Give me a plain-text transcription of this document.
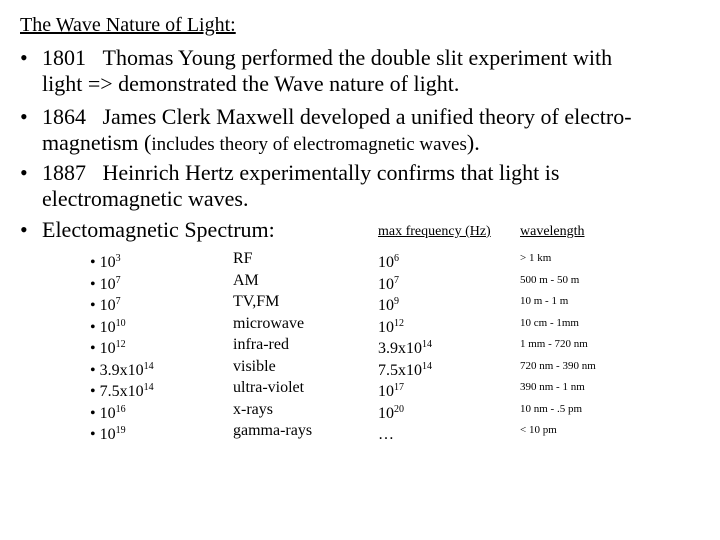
The Wave Nature of Light:
• 1801 Thomas Young performed the double slit experiment with
light => demonstrated the Wave nature of light.
• 1864 James Clerk Maxwell developed a unified theory of electro-
magnetism (includes theory of electromagnetic waves).
• 1887 Heinrich Hertz experimentally confirms that light is
electromagnetic waves.
• Electomagnetic Spectrum:	max frequency (Hz) wavelength
• $10^3$
• $10^7$
• $10^7$
• $10^{10}$
• $10^{12}$
• $3.9x10^{14}$
• $7.5x10^{14}$
• $10^{16}$
• $10^{19}$
RF
AM
TV,FM
microwave
infra-red
visible
ultra-violet
x-rays
gamma-rays
$10^6$
$10^7$
$10^9$
$10^{12}$
$3.9x10^{14}$
$7.5x10^{14}$
$10^{17}$
$10^{20}$
…
> 1 km
500 m - 50 m
10 m - 1 m
10 cm - 1mm
1 mm - 720 nm
720 nm - 390 nm
390 nm - 1 nm
10 nm - .5 pm
< 10 pm
